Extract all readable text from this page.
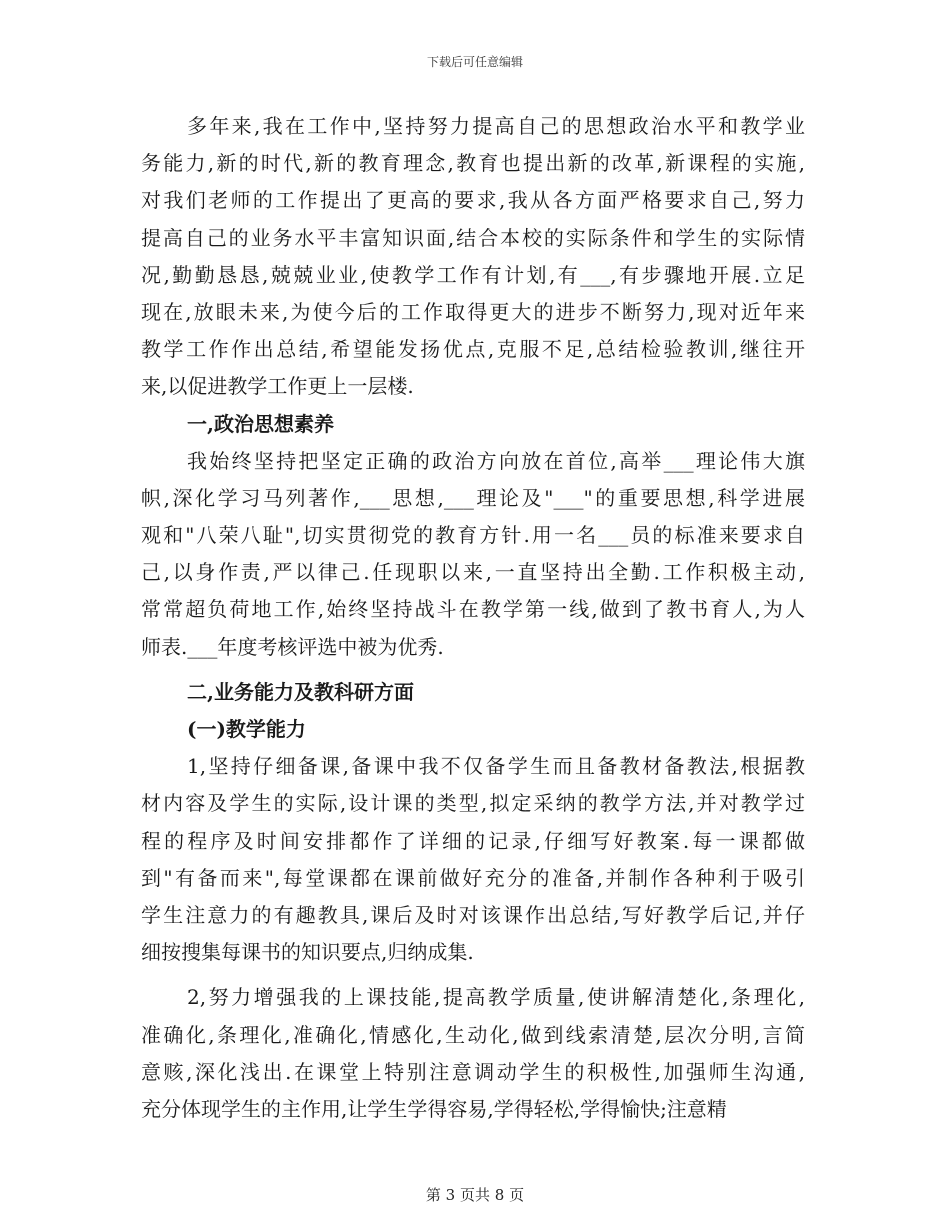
下载后可任意编辑
多年来,我在工作中,坚持努力提高自己的思想政治水平和教学业
务能力,新的时代,新的教育理念,教育也提出新的改革,新课程的实施,
对我们老师的工作提出了更高的要求,我从各方面严格要求自己,努力
提高自己的业务水平丰富知识面,结合本校的实际条件和学生的实际情
况,勤勤恳恳,兢兢业业,使教学工作有计划,有___,有步骤地开展.立足
现在,放眼未来,为使今后的工作取得更大的进步不断努力,现对近年来
教学工作作出总结,希望能发扬优点,克服不足,总结检验教训,继往开
来,以促进教学工作更上一层楼.
一,政治思想素养
我始终坚持把坚定正确的政治方向放在首位,高举___理论伟大旗
帜,深化学习马列著作,___思想,___理论及"___"的重要思想,科学进展
观和"八荣八耻",切实贯彻党的教育方针.用一名___员的标准来要求自
己,以身作责,严以律己.任现职以来,一直坚持出全勤.工作积极主动,
常常超负荷地工作,始终坚持战斗在教学第一线,做到了教书育人,为人
师表.___年度考核评选中被为优秀.
二,业务能力及教科研方面
(一)教学能力
1,坚持仔细备课,备课中我不仅备学生而且备教材备教法,根据教
材内容及学生的实际,设计课的类型,拟定采纳的教学方法,并对教学过
程的程序及时间安排都作了详细的记录,仔细写好教案.每一课都做
到"有备而来",每堂课都在课前做好充分的准备,并制作各种利于吸引
学生注意力的有趣教具,课后及时对该课作出总结,写好教学后记,并仔
细按搜集每课书的知识要点,归纳成集.
2,努力增强我的上课技能,提高教学质量,使讲解清楚化,条理化,
准确化,条理化,准确化,情感化,生动化,做到线索清楚,层次分明,言简
意赅,深化浅出.在课堂上特别注意调动学生的积极性,加强师生沟通,
充分体现学生的主作用,让学生学得容易,学得轻松,学得愉快;注意精
第 3 页共 8 页
